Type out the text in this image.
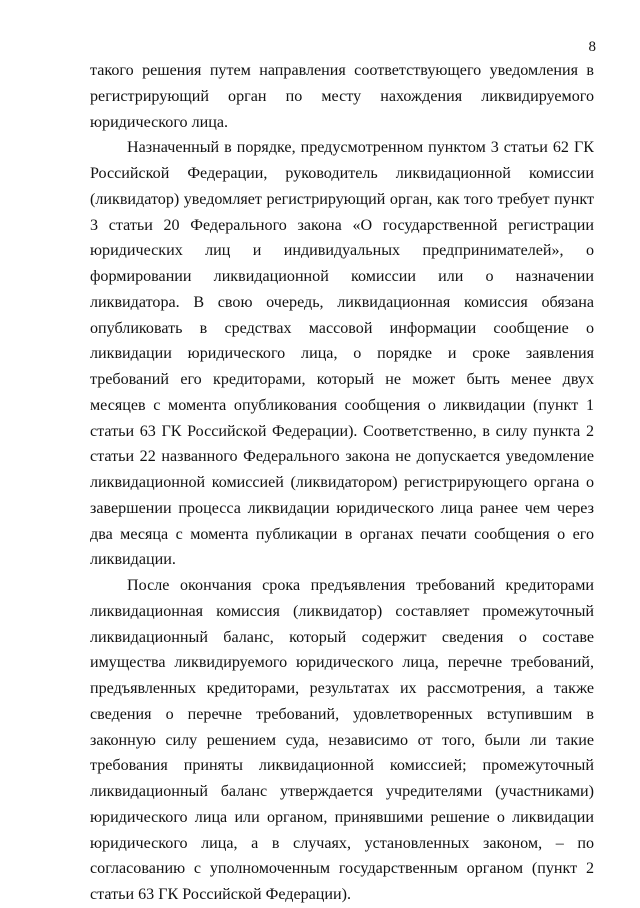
8

такого решения путем направления соответствующего уведомления в регистрирующий орган по месту нахождения ликвидируемого юридического лица.

Назначенный в порядке, предусмотренном пунктом 3 статьи 62 ГК Российской Федерации, руководитель ликвидационной комиссии (ликвидатор) уведомляет регистрирующий орган, как того требует пункт 3 статьи 20 Федерального закона «О государственной регистрации юридических лиц и индивидуальных предпринимателей», о формировании ликвидационной комиссии или о назначении ликвидатора. В свою очередь, ликвидационная комиссия обязана опубликовать в средствах массовой информации сообщение о ликвидации юридического лица, о порядке и сроке заявления требований его кредиторами, который не может быть менее двух месяцев с момента опубликования сообщения о ликвидации (пункт 1 статьи 63 ГК Российской Федерации). Соответственно, в силу пункта 2 статьи 22 названного Федерального закона не допускается уведомление ликвидационной комиссией (ликвидатором) регистрирующего органа о завершении процесса ликвидации юридического лица ранее чем через два месяца с момента публикации в органах печати сообщения о его ликвидации.

После окончания срока предъявления требований кредиторами ликвидационная комиссия (ликвидатор) составляет промежуточный ликвидационный баланс, который содержит сведения о составе имущества ликвидируемого юридического лица, перечне требований, предъявленных кредиторами, результатах их рассмотрения, а также сведения о перечне требований, удовлетворенных вступившим в законную силу решением суда, независимо от того, были ли такие требования приняты ликвидационной комиссией; промежуточный ликвидационный баланс утверждается учредителями (участниками) юридического лица или органом, принявшими решение о ликвидации юридического лица, а в случаях, установленных законом, – по согласованию с уполномоченным государственным органом (пункт 2 статьи 63 ГК Российской Федерации).
